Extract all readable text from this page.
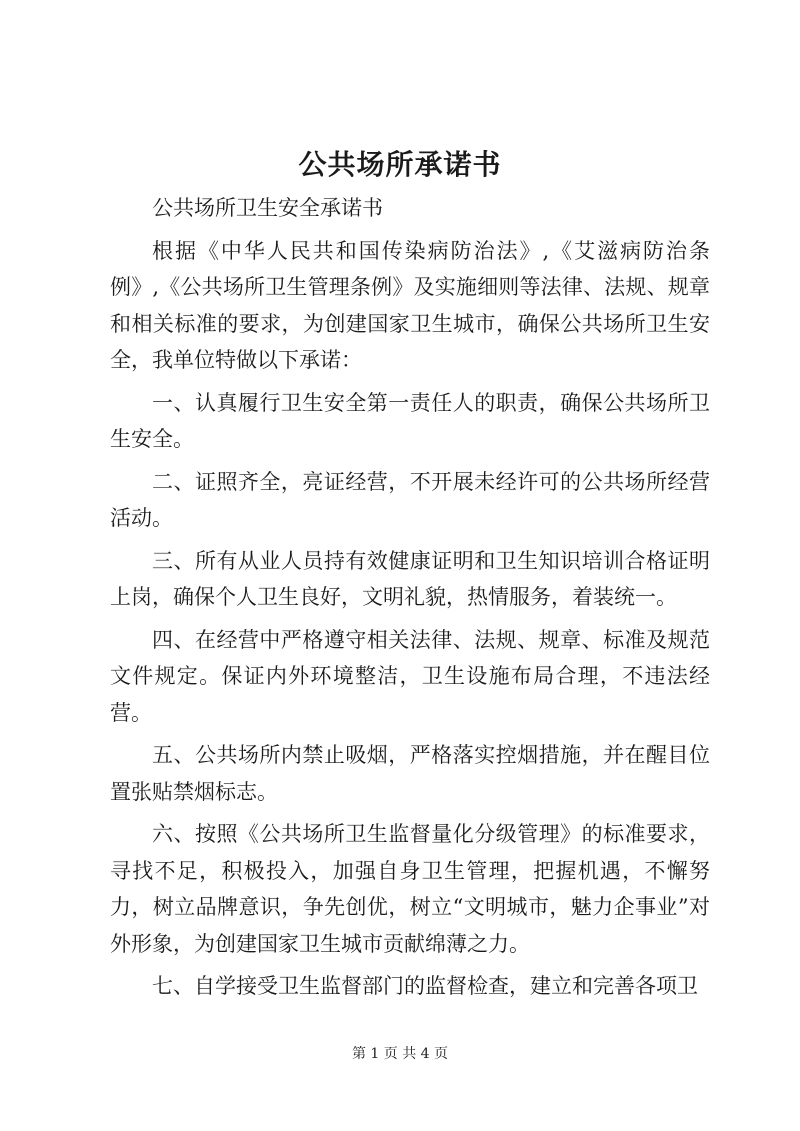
公共场所承诺书

公共场所卫生安全承诺书

根据《中华人民共和国传染病防治法》,《艾滋病防治条例》,《公共场所卫生管理条例》及实施细则等法律、法规、规章和相关标准的要求，为创建国家卫生城市，确保公共场所卫生安全，我单位特做以下承诺：

一、认真履行卫生安全第一责任人的职责，确保公共场所卫生安全。

二、证照齐全，亮证经营，不开展未经许可的公共场所经营活动。

三、所有从业人员持有效健康证明和卫生知识培训合格证明上岗，确保个人卫生良好，文明礼貌，热情服务，着装统一。

四、在经营中严格遵守相关法律、法规、规章、标准及规范文件规定。保证内外环境整洁，卫生设施布局合理，不违法经营。

五、公共场所内禁止吸烟，严格落实控烟措施，并在醒目位置张贴禁烟标志。

六、按照《公共场所卫生监督量化分级管理》的标准要求，寻找不足，积极投入，加强自身卫生管理，把握机遇，不懈努力，树立品牌意识，争先创优，树立“文明城市，魅力企事业”对外形象，为创建国家卫生城市贡献绵薄之力。

七、自学接受卫生监督部门的监督检查，建立和完善各项卫

第 1 页 共 4 页
